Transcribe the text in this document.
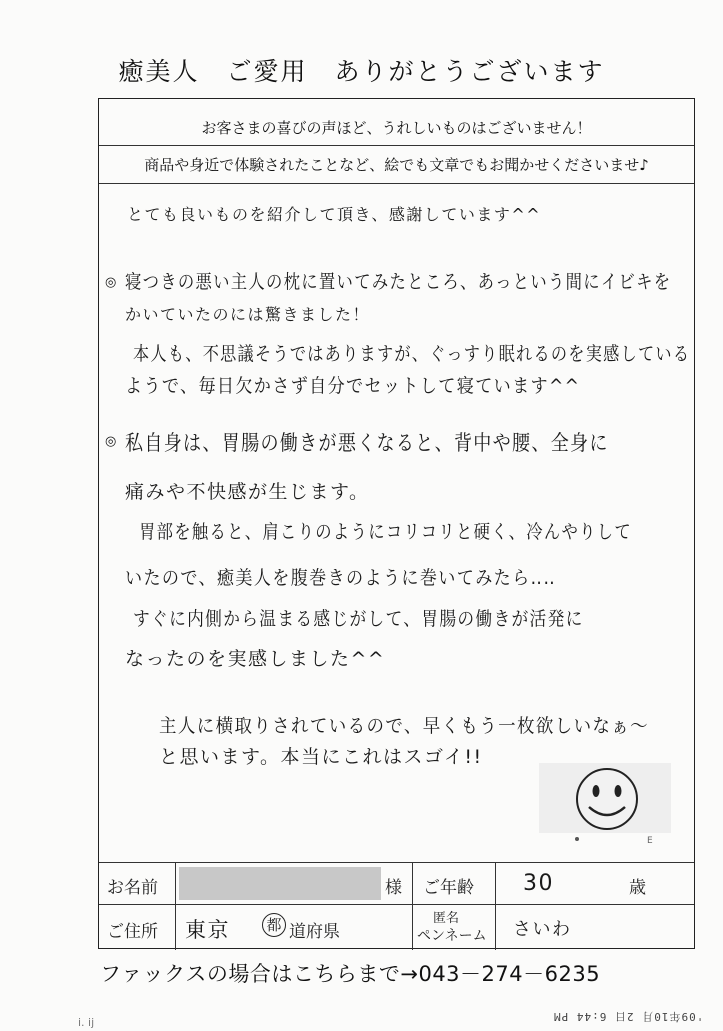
癒美人　ご愛用　ありがとうございます
お客さまの喜びの声ほど、うれしいものはございません！
商品や身近で体験されたことなど、絵でも文章でもお聞かせくださいませ♪
とても良いものを紹介して頂き、感謝しています^^
◎ 寝つきの悪い主人の枕に置いてみたところ、あっという間にイビキを
かいていたのには驚きました！
本人も、不思議そうではありますが、ぐっすり眠れるのを実感している
ようで、毎日欠かさず自分でセットして寝ています^^
◎ 私自身は、胃腸の働きが悪くなると、背中や腰、全身に
痛みや不快感が生じます。
胃部を触ると、肩こりのようにコリコリと硬く、冷んやりして
いたので、癒美人を腹巻きのように巻いてみたら‥‥
すぐに内側から温まる感じがして、胃腸の働きが活発に
なったのを実感しました^^
主人に横取りされているので、早くもう一枚欲しいなぁ～
と思います。本当にこれはスゴイ!!
E
お名前	様 ご年齢 30	歳
ご住所 東京 都 道府県
匿名
ペンネーム さいわ
ファックスの場合はこちらまで→043－274－6235
'09年10月 2日 6:44 PM
i. ij
